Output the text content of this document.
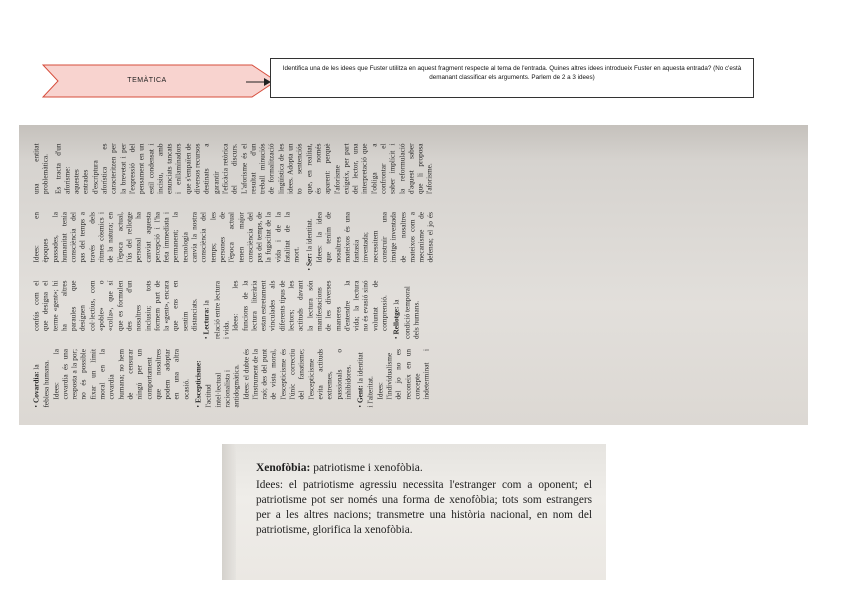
TEMÀTICA
Identifica una de les idees que Fuster utilitza en aquest fragment respecte al tema de l'entrada. Quines altres idees introdueix Fuster en aquesta entrada? (No c'està demanant classificar els arguments. Parlem de 2 a 3 idees)

•Covardia: la feblesa humana. Idees: la covardia és una resposta a la por; no és possible fixar un límit moral en la covardia humana; no hem de censurar ningú per un comportament que nosaltres podem adoptar en una altra ocasió.

•Escepticisme: l'actitud intel·lectual racionalista i antidogmàtica. Idees: el dubte és l'instrument de la raó; des del punt de vista moral, l'escepticisme és l'únic correctiu del fanatisme; l'escepticisme evita actituds extremes, passionals o inhibidores.

•Gent: la identitat i l'alteritat. Idees: l'individualisme del jo no es reconeix en un concepte indeterminat i confús com el que designa el terme «gent»; hi ha altres paraules que designen col·lectius, com «poble» o «colla», que sí que es formulen des d'un nosaltres inclusiu; tots formem part de la «gent», encara que ens en sentim distanciats.

•Lectura: la relació entre lectura i vida. Idees: les funcions de la lectura literària estan estretament vinculades als diferents tipus de lectors; les actituds davant la lectura són manifestacions de les diverses maneres d'entendre la vida; la lectura no és evasió sinó voluntat de comprensió.

•Rellotge: la condició temporal dels humans.

Idees: en èpoques passades, la humanitat tenia consciència del pas del temps a través dels ritmes còsmics i de la natura; en l'època actual, l'ús del rellotge personal ha canviat aquesta percepció i l'ha feta immediata i permanent; la tecnologia canvia la nostra consciència del temps; les persones de l'època actual tenen major consciència del pas del temps, de la fugacitat de la vida i de la fatalitat de la mort.

•Ser: la identitat. Idees: la idea que tenim de nosaltres mateixos és una fantasia inventada; necessitem construir una imatge inventada de nosaltres mateixos com a mecanisme de defensa; el jo és una entitat problemàtica. Es tracta d'un aforisme: aquestes entrades d'escriptura aforística es caracteritzen per la brevetat i per l'expressió del pensament en un estil condensat i incisiu, amb enunciats tancats i enllaminadors que s'empaïen de diversos recursos destinats a garantir l'eficàcia retòrica del discurs. L'aforisme és el resultat d'un treball minuciós de formalització lingüística de les idees. Adopta un to sentenciós que, en realitat, és només aparent: perquè l'aforisme exigeix, per part del lector, una interpretació que l'obliga a confrontar el saber implícit i la reformulació d'aquest saber que li proposa l'aforisme.

Xenofòbia: patriotisme i xenofòbia.
Idees: el patriotisme agressiu necessita l'estranger com a oponent; el patriotisme pot ser només una forma de xenofòbia; tots som estrangers per a les altres nacions; transmetre una història nacional, en nom del patriotisme, glorifica la xenofòbia.
